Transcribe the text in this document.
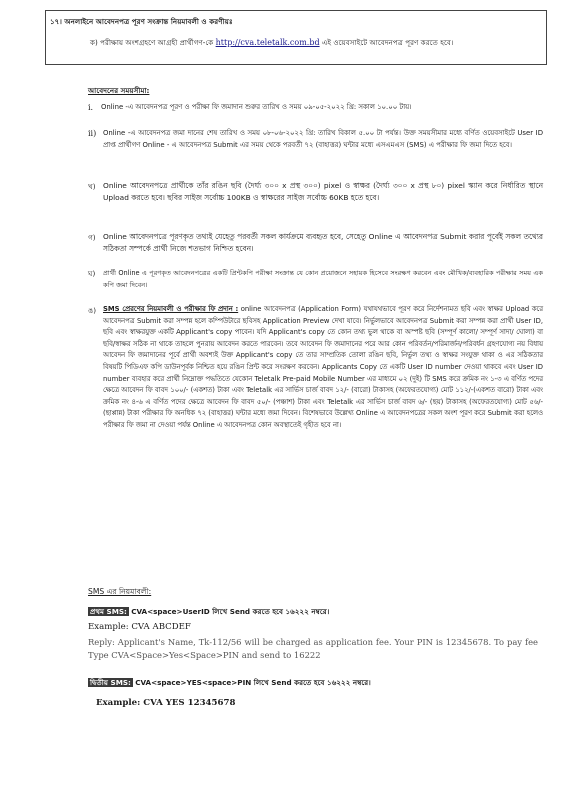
১৭। অনলাইনে আবেদনপত্র পূরণ সংক্রান্ত নিয়মাবলী ও করণীয়ঃ
ক) পরীক্ষায় অংশগ্রহণে আগ্রহী প্রার্থীগণ-কে http://cva.teletalk.com.bd এই ওয়েবসাইটে আবেদনপত্র পূরণ করতে হবে।
আবেদনের সময়সীমা:
i. Online -এ আবেদনপত্র পূরণ ও পরীক্ষা ফি জমাদান শুরুর তারিখ ও সময় ০৯-০৫-২০২২ খ্রি: সকাল ১০.০০ টায়।
ii) Online -এ আবেদনপত্র জমা দানের শেষ তারিখ ও সময় ০৮-০৬-২০২২ খ্রি: তারিখ বিকাল ৫.০০ টা পর্যন্ত। উক্ত সময়সীমার মধ্যে বর্ণিত ওয়েবসাইটে User ID প্রাপ্ত প্রার্থীগণ Online - এ আবেদনপত্র Submit এর সময় থেকে পরবর্তী ৭২ (বাহাত্তর) ঘন্টার মধ্যে এসএমএস (SMS) এ পরীক্ষার ফি জমা দিতে হবে।
খ) Online আবেদনপত্রে প্রার্থীকে তাঁর রঙিন ছবি (দৈর্ঘ্য ৩০০ x প্রস্থ ৩০০) pixel ও স্বাক্ষর (দৈর্ঘ্য ৩০০ x প্রস্থ ৮০) pixel স্ক্যান করে নির্ধারিত স্থানে Upload করতে হবে। ছবির সাইজ সর্বোচ্চ 100KB ও স্বাক্ষরের সাইজ সর্বোচ্চ 60KB হতে হবে।
গ) Online আবেদনপত্রে পূরণকৃত তথ্যই যেহেতু পরবর্তী সকল কার্যক্রমে ব্যবহৃত হবে, সেহেতু Online এ আবেদনপত্র Submit করার পূর্বেই সকল তথ্যের সঠিকতা সম্পর্কে প্রার্থী নিজে শতভাগ নিশ্চিত হবেন।
ঘ) প্রার্থী Online এ পূরণকৃত আবেদনপত্রের একটি প্রিন্টকপি পরীক্ষা সংক্রান্ত যে কোন প্রয়োজনে সহায়ক হিসেবে সংরক্ষণ করবেন এবং মৌখিক/ব্যবহারিক পরীক্ষার সময় এক কপি জমা দিবেন।
ঙ) SMS প্রেরণের নিয়মাবলী ও পরীক্ষার ফি প্রদান : online আবেদনপত্র (Application Form) যথাযথভাবে পূরণ করে নির্দেশনামত ছবি এবং স্বাক্ষর Upload করে আবেদনপত্র Submit করা সম্পন্ন হলে কম্পিউটারে ছবিসহ Application Preview দেখা যাবে। নির্ভুলভাবে আবেদনপত্র Submit করা সম্পন্ন করা প্রার্থী User ID, ছবি এবং স্বাক্ষরযুক্ত একটি Applicant's copy পাবেন। যদি Applicant's copy তে কোন তথ্য ভুল থাকে বা অস্পষ্ট ছবি (সম্পূর্ণ কালো/ সম্পূর্ণ সাদা/ ঘোলা) বা ছবি/স্বাক্ষর সঠিক না থাকে তাহলে পুনরায় আবেদন করতে পারবেন। তবে আবেদন ফি জমাদানের পরে আর কোন পরিবর্তন/পরিমার্জন/পরিবর্ধন গ্রহণযোগ্য নয় বিধায় আবেদন ফি জমাদানের পূর্বে প্রার্থী অবশ্যই উক্ত Applicant's copy তে তার সাম্প্রতিক তোলা রঙিন ছবি, নির্ভুল তথ্য ও স্বাক্ষর সংযুক্ত থাকা ও এর সঠিকতার বিষয়টি পিডিএফ কপি ডাউনপূর্বক নিশ্চিত হয়ে রঙিন প্রিন্ট করে সংরক্ষণ করবেন। Applicants Copy তে একটি User ID number দেওয়া থাকবে এবং User ID number ব্যবহার করে প্রার্থী নিম্নোক্ত পদ্ধতিতে যেকোন Teletalk Pre-paid Mobile Number এর মাধ্যমে ০২ (দুই) টি SMS করে ক্রমিক নং ১-৩ এ বর্ণিত পদের ক্ষেত্রে আবেদন ফি বাবদ ১০০/- (একশত) টাকা এবং Teletalk এর সার্ভিস চার্জ বাবদ ১২/- (বারো) টাকাসহ (অফেরতযোগ্য) মোট ১১২/-(একশত বারো) টাকা এবং ক্রমিক নং ৪-৬ এ বর্ণিত পদের ক্ষেত্রে আবেদন ফি বাবদ ৫০/- (পঞ্চাশ) টাকা এবং Teletalk এর সার্ভিস চার্জ বাবদ ৬/- (ছয়) টাকাসহ (অফেরতযোগ্য) মোট ৫৬/-(ছাপ্পান্ন) টাকা পরীক্ষার ফি অনধিক ৭২ (বাহাত্তর) ঘন্টার মধ্যে জমা দিবেন। বিশেষভাবে উল্লেখ্য Online এ আবেদনপত্রের সকল অংশ পূরণ করে Submit করা হলেও পরীক্ষার ফি জমা না দেওয়া পর্যন্ত Online এ আবেদনপত্র কোন অবস্থাতেই গৃহীত হবে না।
SMS এর নিয়মাবলী:
প্রথম SMS: CVA<space>UserID লিখে Send করতে হবে ১৬২২২ নম্বরে।
Example: CVA ABCDEF
Reply: Applicant's Name, Tk-112/56 will be charged as application fee. Your PIN is 12345678. To pay fee Type CVA<Space>Yes<Space>PIN and send to 16222
দ্বিতীয় SMS: CVA<space>YES<space>PIN লিখে Send করতে হবে ১৬২২২ নম্বরে।
Example: CVA YES 12345678
